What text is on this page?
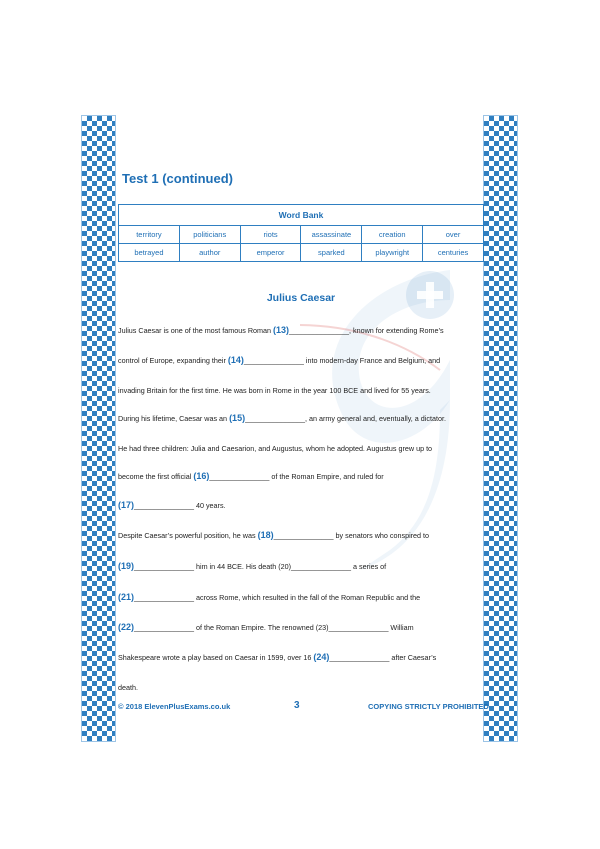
Test 1 (continued)
Word Bank					
territory	politicians	riots	assassinate	creation	over
betrayed	author	emperor	sparked	playwright	centuries
Julius Caesar
Julius Caesar is one of the most famous Roman (13)_______________, known for extending Rome’s
control of Europe, expanding their (14)_______________ into modern-day France and Belgium, and
invading Britain for the first time. He was born in Rome in the year 100 BCE and lived for 55 years.
During his lifetime, Caesar was an (15)_______________, an army general and, eventually, a dictator.
He had three children: Julia and Caesarion, and Augustus, whom he adopted. Augustus grew up to
become the first official (16)_______________ of the Roman Empire, and ruled for
(17)_______________ 40 years.
Despite Caesar’s powerful position, he was (18)_______________ by senators who conspired to
(19)_______________ him in 44 BCE. His death (20)_______________ a series of
(21)_______________ across Rome, which resulted in the fall of the Roman Republic and the
(22)_______________ of the Roman Empire. The renowned (23)_______________ William
Shakespeare wrote a play based on Caesar in 1599, over 16 (24)_______________ after Caesar’s
death.
© 2018 ElevenPlusExams.co.uk	3	COPYING STRICTLY PROHIBITED
